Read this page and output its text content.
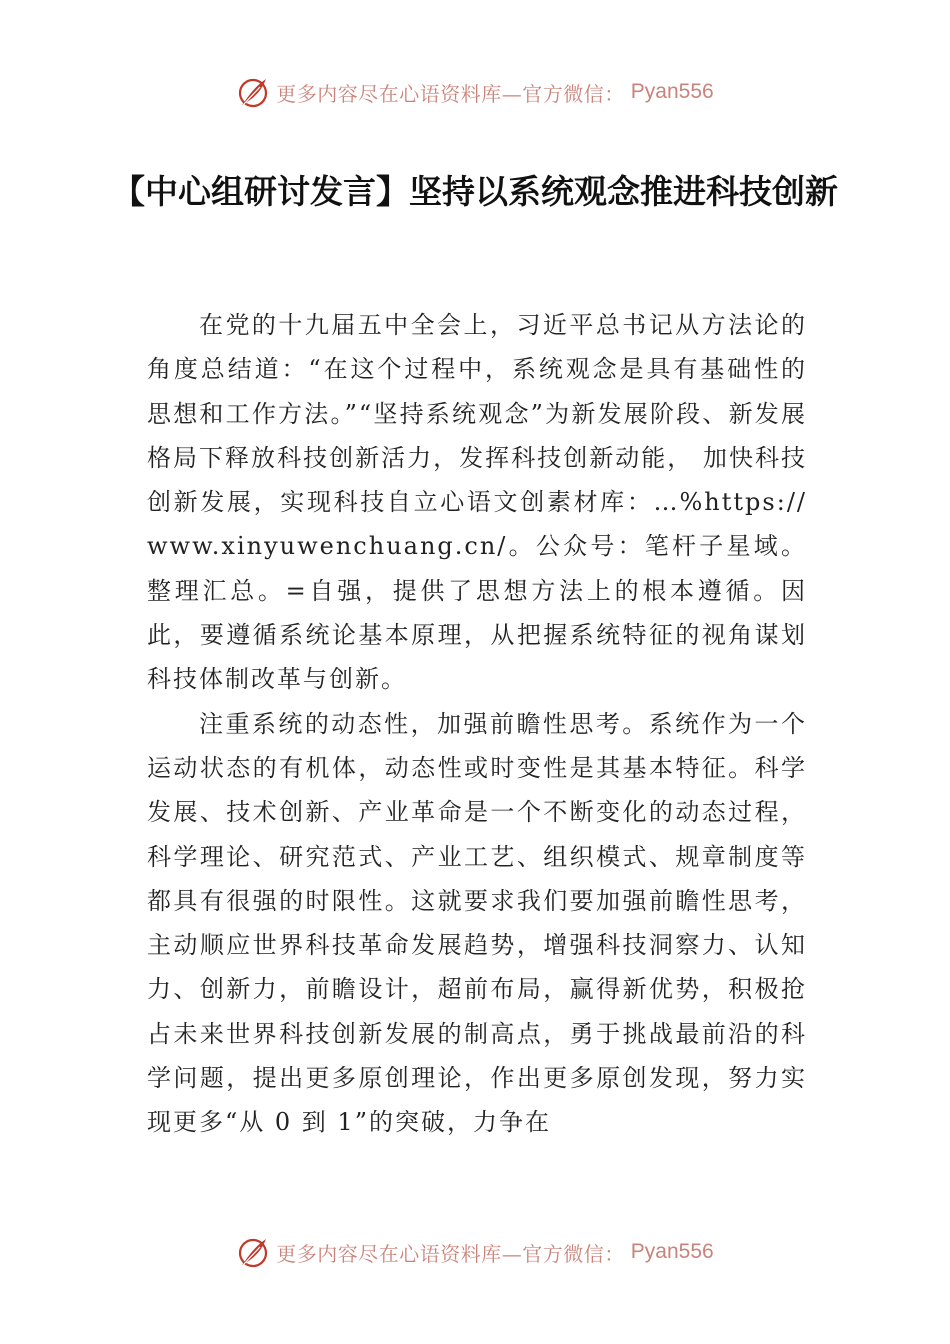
更多内容尽在心语资料库—官方微信： Pyan556
【中心组研讨发言】坚持以系统观念推进科技创新

在党的十九届五中全会上，习近平总书记从方法论的角度总结道：“在这个过程中，系统观念是具有基础性的思想和工作方法。”“坚持系统观念”为新发展阶段、新发展格局下释放科技创新活力，发挥科技创新动能， 加快科技创新发展，实现科技自立心语文创素材库：…%https://www.xinyuwenchuang.cn/。公众号：笔杆子星域。整理汇总。=自强，提供了思想方法上的根本遵循。因此，要遵循系统论基本原理，从把握系统特征的视角谋划科技体制改革与创新。

注重系统的动态性，加强前瞻性思考。系统作为一个运动状态的有机体，动态性或时变性是其基本特征。科学发展、技术创新、产业革命是一个不断变化的动态过程，科学理论、研究范式、产业工艺、组织模式、规章制度等都具有很强的时限性。这就要求我们要加强前瞻性思考，主动顺应世界科技革命发展趋势，增强科技洞察力、认知力、创新力，前瞻设计，超前布局，赢得新优势，积极抢占未来世界科技创新发展的制高点，勇于挑战最前沿的科学问题，提出更多原创理论，作出更多原创发现，努力实现更多“从 0 到 1”的突破，力争在

更多内容尽在心语资料库—官方微信： Pyan556
